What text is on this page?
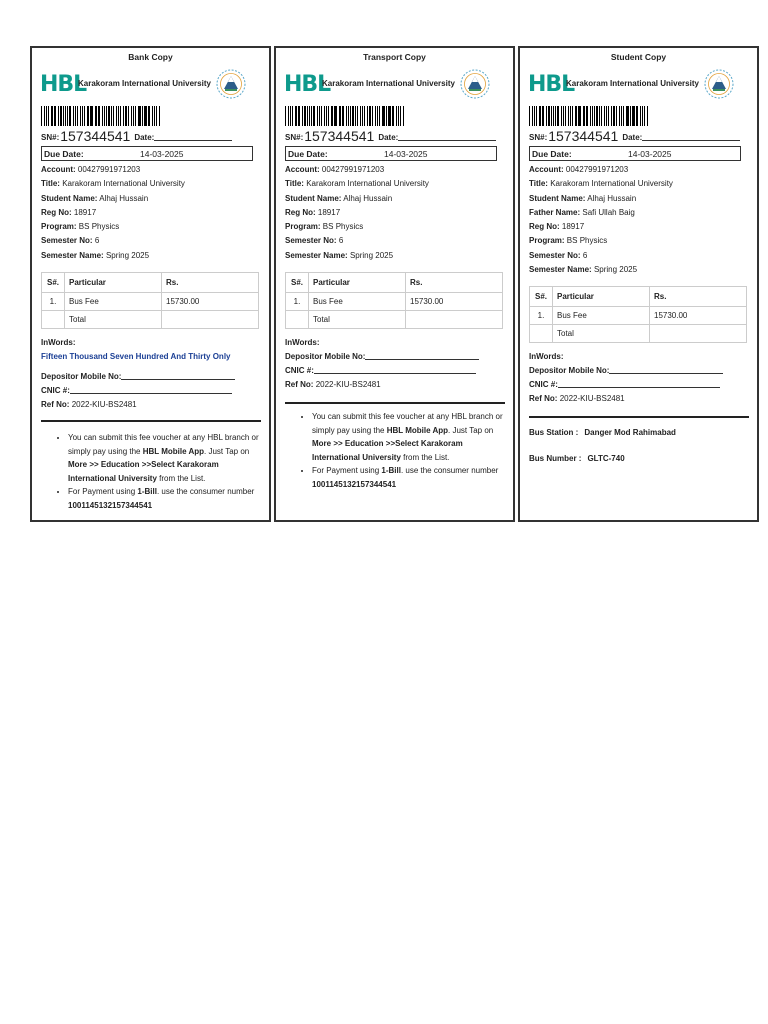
Bank Copy
HBL
Karakoram International University
SN#:157344541 Date:
Due Date:	14-03-2025
Account: 00427991971203
Title: Karakoram International University
Student Name: Alhaj Hussain
Reg No: 18917
Program: BS Physics
Semester No: 6
Semester Name: Spring 2025
S#.	Particular	Rs.
1.	Bus Fee	15730.00
	Total	
InWords:
Fifteen Thousand Seven Hundred And Thirty Only
Depositor Mobile No:
CNIC #:
Ref No: 2022-KIU-BS2481
• You can submit this fee voucher at any HBL branch or simply pay using the HBL Mobile App. Just Tap on More >> Education >>Select Karakoram International University from the List.
• For Payment using 1-Bill. use the consumer number 1001145132157344541
Transport Copy
HBL
Karakoram International University
SN#:157344541 Date:
Due Date:	14-03-2025
Account: 00427991971203
Title: Karakoram International University
Student Name: Alhaj Hussain
Reg No: 18917
Program: BS Physics
Semester No: 6
Semester Name: Spring 2025
S#.	Particular	Rs.
1.	Bus Fee	15730.00
	Total	
InWords:
Depositor Mobile No:
CNIC #:
Ref No: 2022-KIU-BS2481
• You can submit this fee voucher at any HBL branch or simply pay using the HBL Mobile App. Just Tap on More >> Education >>Select Karakoram International University from the List.
• For Payment using 1-Bill. use the consumer number 1001145132157344541
Student Copy
HBL
Karakoram International University
SN#:157344541 Date:
Due Date:	14-03-2025
Account: 00427991971203
Title: Karakoram International University
Student Name: Alhaj Hussain
Father Name: Safi Ullah Baig
Reg No: 18917
Program: BS Physics
Semester No: 6
Semester Name: Spring 2025
S#.	Particular	Rs.
1.	Bus Fee	15730.00
	Total	
InWords:
Depositor Mobile No:
CNIC #:
Ref No: 2022-KIU-BS2481
Bus Station : Danger Mod Rahimabad
Bus Number : GLTC-740
